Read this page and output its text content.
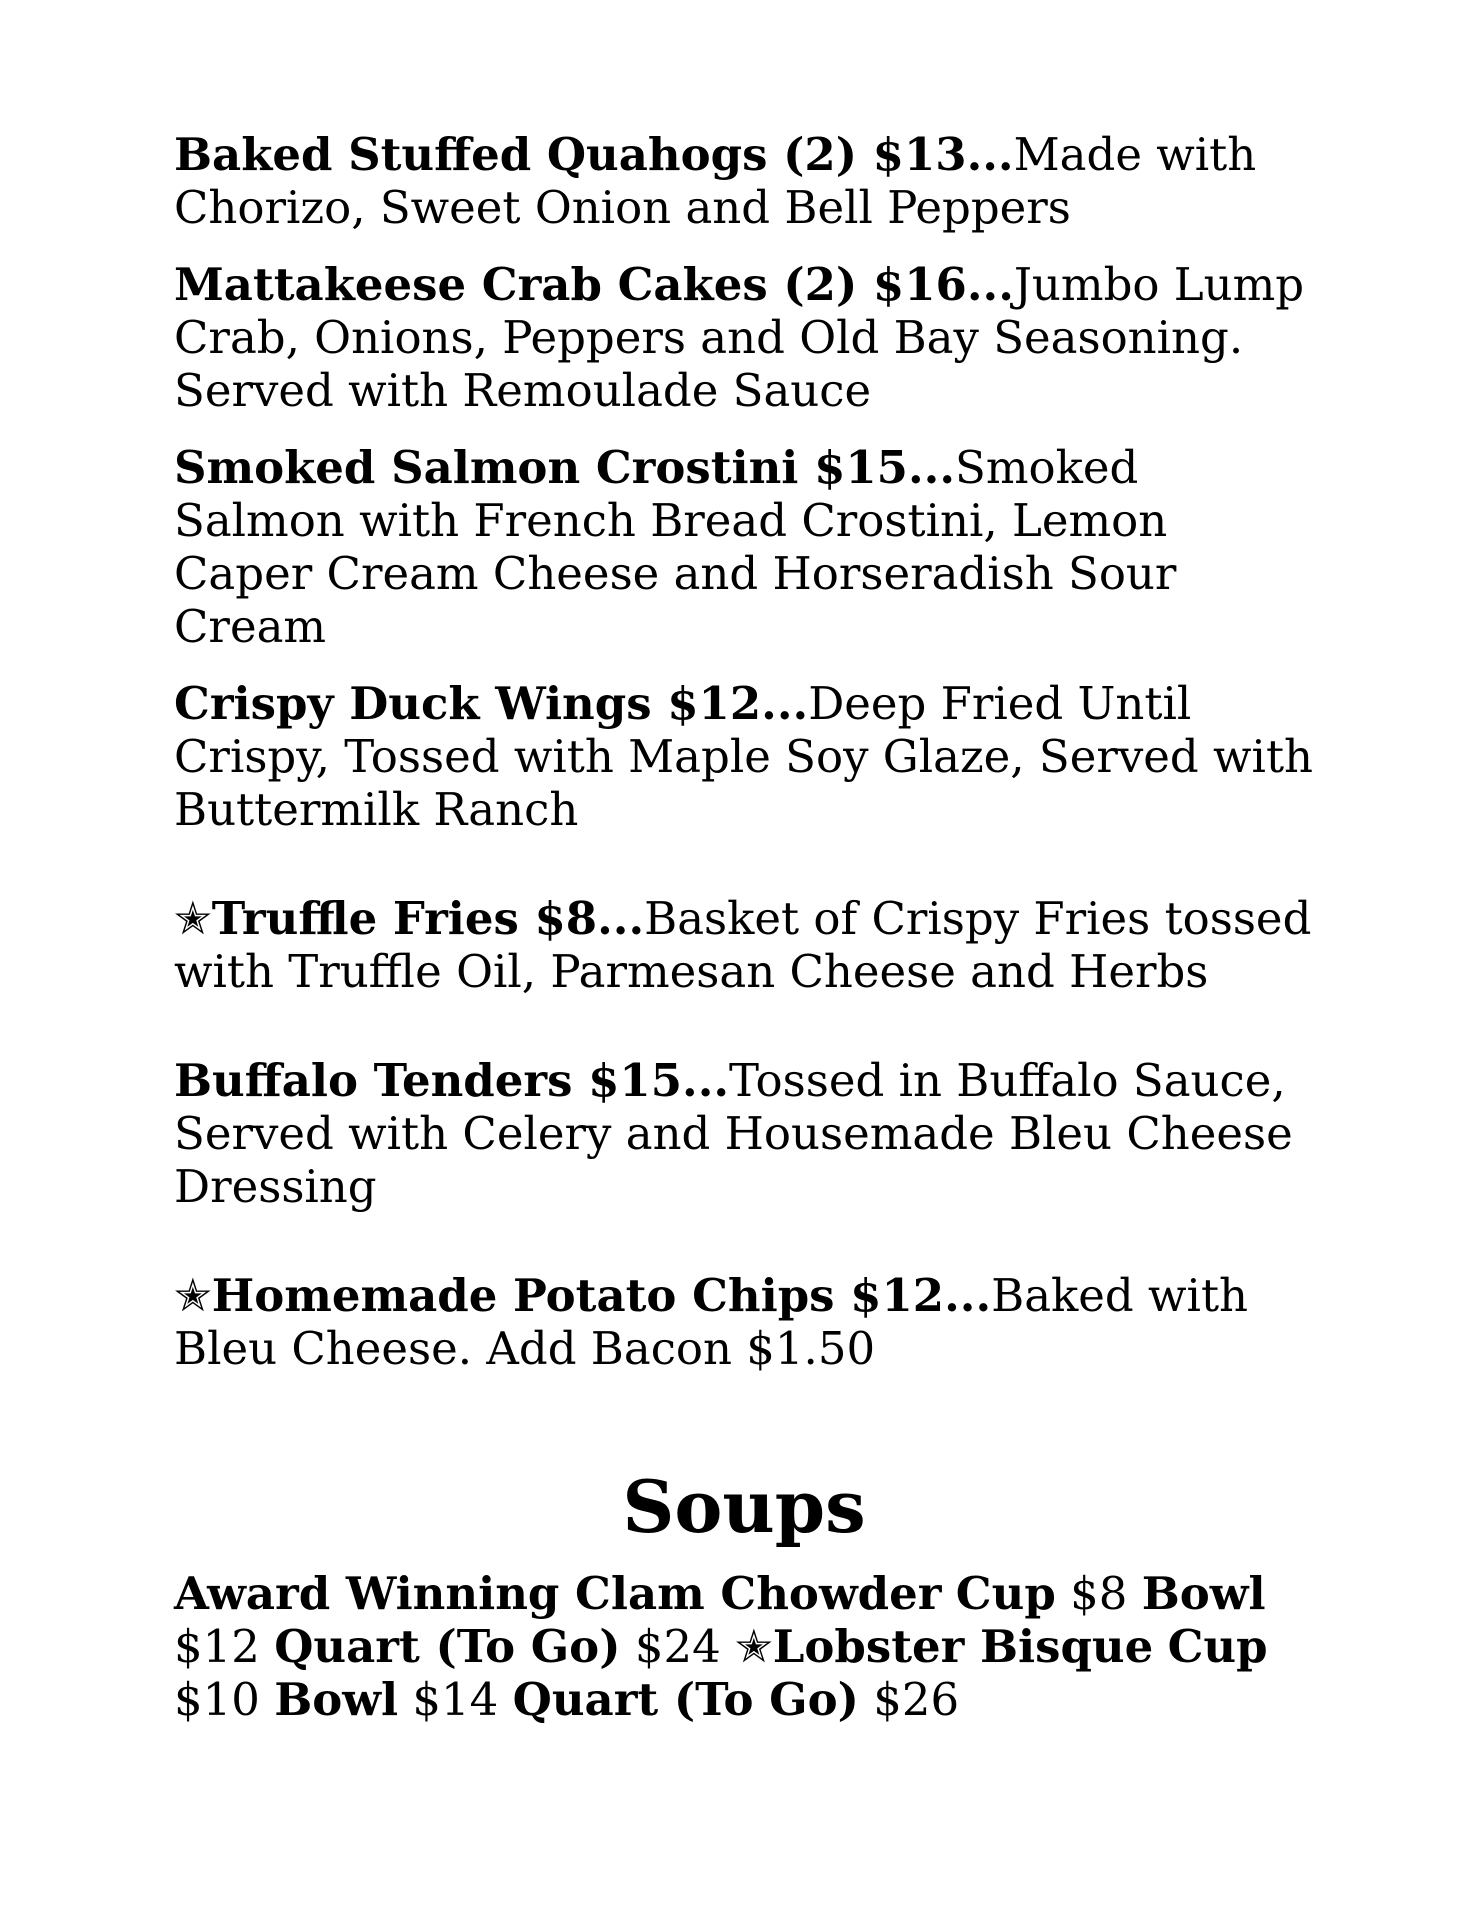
Baked Stuffed Quahogs (2) $13...Made with Chorizo, Sweet Onion and Bell Peppers

Mattakeese Crab Cakes (2) $16...Jumbo Lump Crab, Onions, Peppers and Old Bay Seasoning. Served with Remoulade Sauce

Smoked Salmon Crostini $15...Smoked Salmon with French Bread Crostini, Lemon Caper Cream Cheese and Horseradish Sour Cream

Crispy Duck Wings $12...Deep Fried Until Crispy, Tossed with Maple Soy Glaze, Served with Buttermilk Ranch

✭Truffle Fries $8...Basket of Crispy Fries tossed with Truffle Oil, Parmesan Cheese and Herbs

Buffalo Tenders $15...Tossed in Buffalo Sauce, Served with Celery and Housemade Bleu Cheese Dressing

✭Homemade Potato Chips $12...Baked with Bleu Cheese. Add Bacon $1.50

Soups

Award Winning Clam Chowder Cup $8 Bowl $12 Quart (To Go) $24 ✭Lobster Bisque Cup $10 Bowl $14 Quart (To Go) $26
